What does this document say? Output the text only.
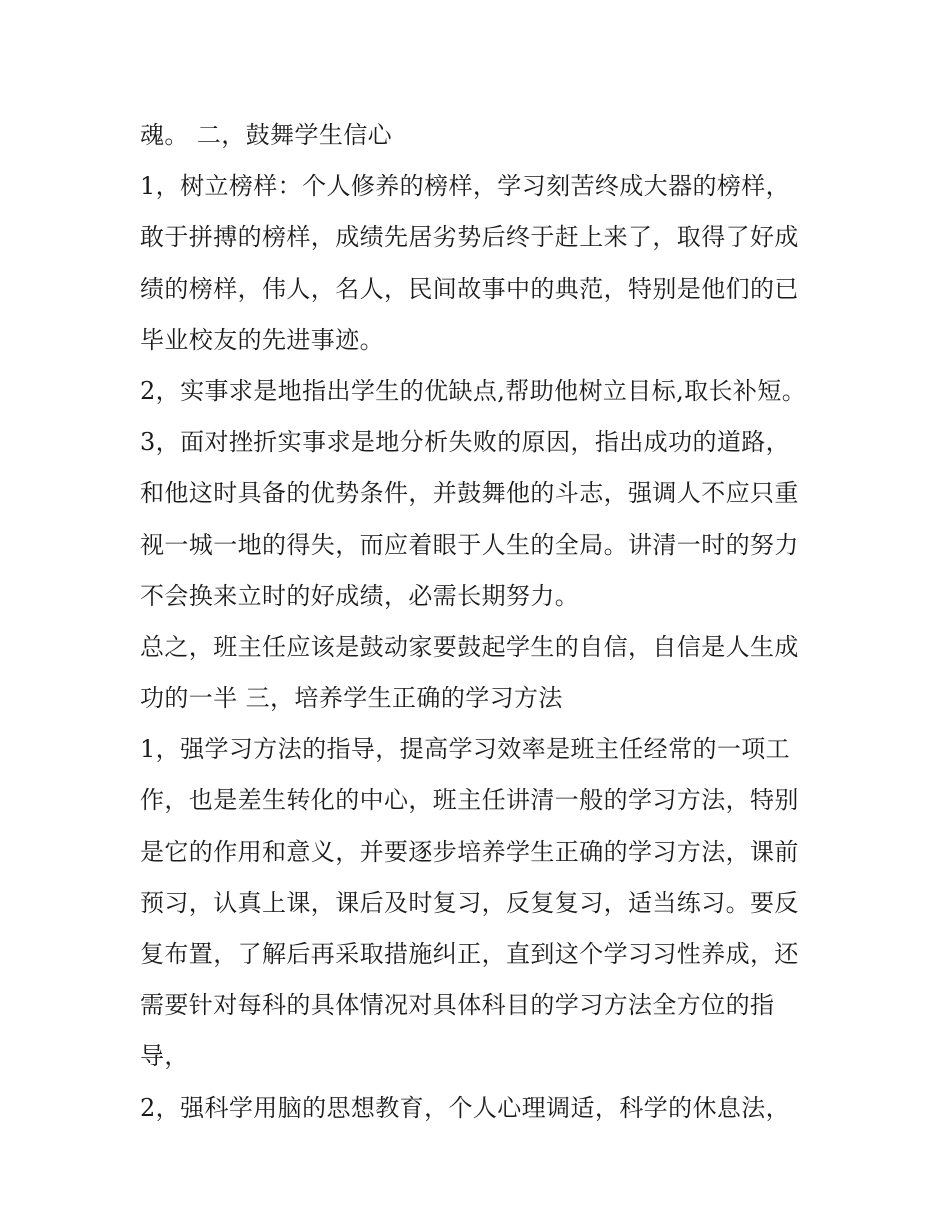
魂。 二，鼓舞学生信心
1，树立榜样：个人修养的榜样，学习刻苦终成大器的榜样，
敢于拼搏的榜样，成绩先居劣势后终于赶上来了，取得了好成
绩的榜样，伟人，名人，民间故事中的典范，特别是他们的已
毕业校友的先进事迹。
2，实事求是地指出学生的优缺点,帮助他树立目标,取长补短。
3，面对挫折实事求是地分析失败的原因，指出成功的道路，
和他这时具备的优势条件，并鼓舞他的斗志，强调人不应只重
视一城一地的得失，而应着眼于人生的全局。讲清一时的努力
不会换来立时的好成绩，必需长期努力。
总之，班主任应该是鼓动家要鼓起学生的自信，自信是人生成
功的一半 三，培养学生正确的学习方法
1，强学习方法的指导，提高学习效率是班主任经常的一项工
作，也是差生转化的中心，班主任讲清一般的学习方法，特别
是它的作用和意义，并要逐步培养学生正确的学习方法，课前
预习，认真上课，课后及时复习，反复复习，适当练习。要反
复布置，了解后再采取措施纠正，直到这个学习习性养成，还
需要针对每科的具体情况对具体科目的学习方法全方位的指
导，
2，强科学用脑的思想教育，个人心理调适，科学的休息法，
